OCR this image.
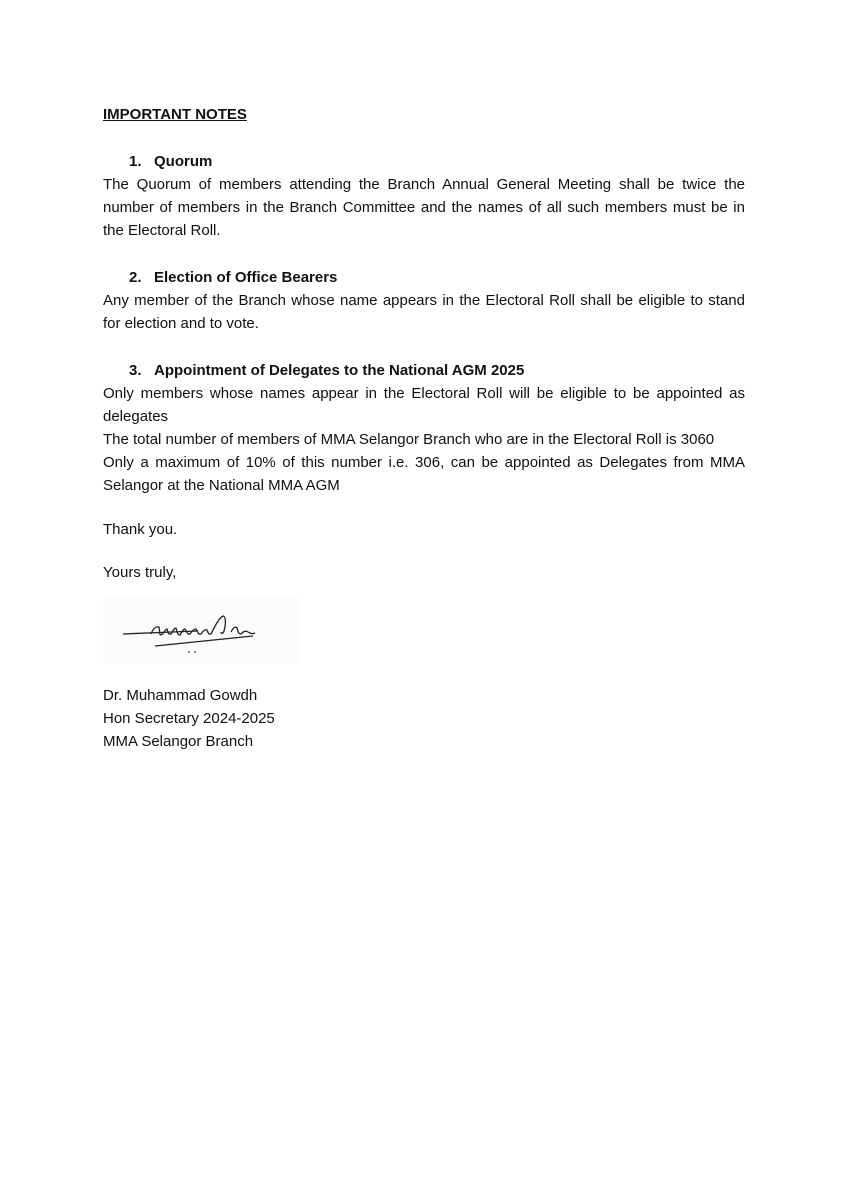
IMPORTANT NOTES

1. Quorum

The Quorum of members attending the Branch Annual General Meeting shall be twice the number of members in the Branch Committee and the names of all such members must be in the Electoral Roll.

2. Election of Office Bearers

Any member of the Branch whose name appears in the Electoral Roll shall be eligible to stand for election and to vote.

3. Appointment of Delegates to the National AGM 2025

Only members whose names appear in the Electoral Roll will be eligible to be appointed as delegates

The total number of members of MMA Selangor Branch who are in the Electoral Roll is 3060

Only a maximum of 10% of this number i.e. 306, can be appointed as Delegates from MMA Selangor at the National MMA AGM

Thank you.

Yours truly,

Dr. Muhammad Gowdh

Hon Secretary 2024-2025

MMA Selangor Branch
